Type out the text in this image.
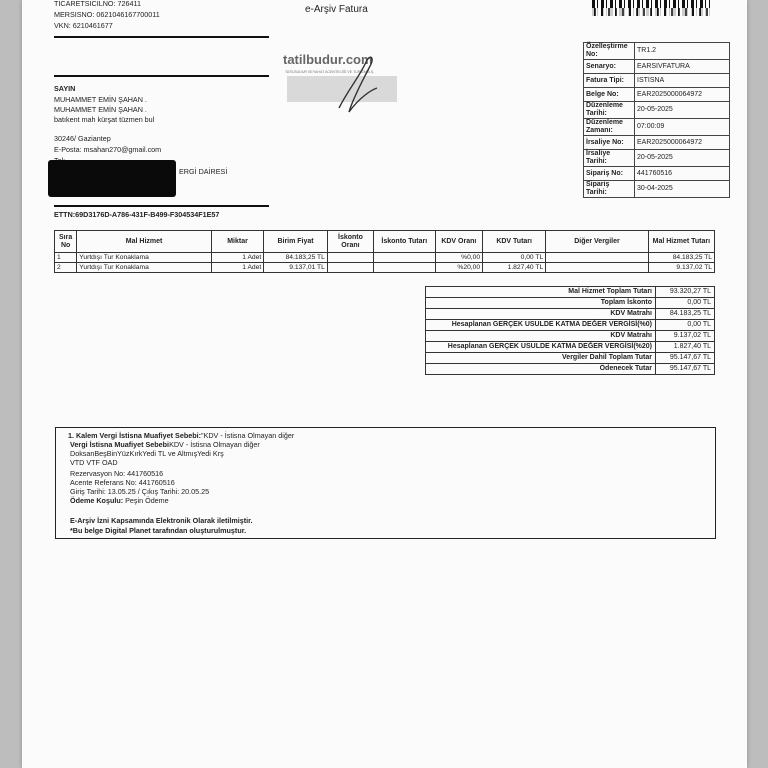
TİCARETSICILNO: 726411
MERSISNO: 0621046167700011
VKN: 6210461677
e-Arşiv Fatura
tatilbudur.com
TATİLBUDUR SEYAHAT ACENTELİĞİ VE TURİZM A.Ş.
SAYIN
MUHAMMET EMİN ŞAHAN .
MUHAMMET EMİN ŞAHAN .
batıkent mah kürşat tüzmen bul
30246/ Gaziantep
E-Posta: msahan270@gmail.com
ERGİ DAİRESİ
ETTN:69D3176D-A786-431F-B499-F304534F1E57
Özelleştirme No:	TR1.2
Senaryo:	EARSIVFATURA
Fatura Tipi:	ISTISNA
Belge No:	EAR2025000064972
Düzenleme Tarihi:	20-05-2025
Düzenleme Zamanı:	07:00:09
İrsaliye No:	EAR2025000064972
İrsaliye Tarihi:	20-05-2025
Sipariş No:	441760516
Sipariş Tarihi:	30-04-2025
Sıra No	Mal Hizmet	Miktar	Birim Fiyat	İskonto Oranı	İskonto Tutarı	KDV Oranı	KDV Tutarı	Diğer Vergiler	Mal Hizmet Tutarı
1	Yurtdışı Tur Konaklama	1 Adet	84.183,25 TL			%0,00	0,00 TL		84.183,25 TL
2	Yurtdışı Tur Konaklama	1 Adet	9.137,01 TL			%20,00	1.827,40 TL		9.137,02 TL
Mal Hizmet Toplam Tutarı	93.320,27 TL
Toplam İskonto	0,00 TL
KDV Matrahı	84.183,25 TL
Hesaplanan GERÇEK USULDE KATMA DEĞER VERGİSİ(%0)	0,00 TL
KDV Matrahı	9.137,02 TL
Hesaplanan GERÇEK USULDE KATMA DEĞER VERGİSİ(%20)	1.827,40 TL
Vergiler Dahil Toplam Tutar	95.147,67 TL
Ödenecek Tutar	95.147,67 TL
1. Kalem Vergi İstisna Muafiyet Sebebi:"KDV - İstisna Olmayan diğer
Vergi İstisna Muafiyet SebebiKDV - İstisna Olmayan diğer
DoksanBeşBinYüzKırkYedi TL ve AltmışYedi Krş
VTD VTF OAD
Rezervasyon No: 441760516
Acente Referans No: 441760516
Giriş Tarihi: 13.05.25 / Çıkış Tarihi: 20.05.25
Ödeme Koşulu: Peşin Ödeme
E-Arşiv İzni Kapsamında Elektronik Olarak iletilmiştir.
*Bu belge Digital Planet tarafından oluşturulmuştur.
